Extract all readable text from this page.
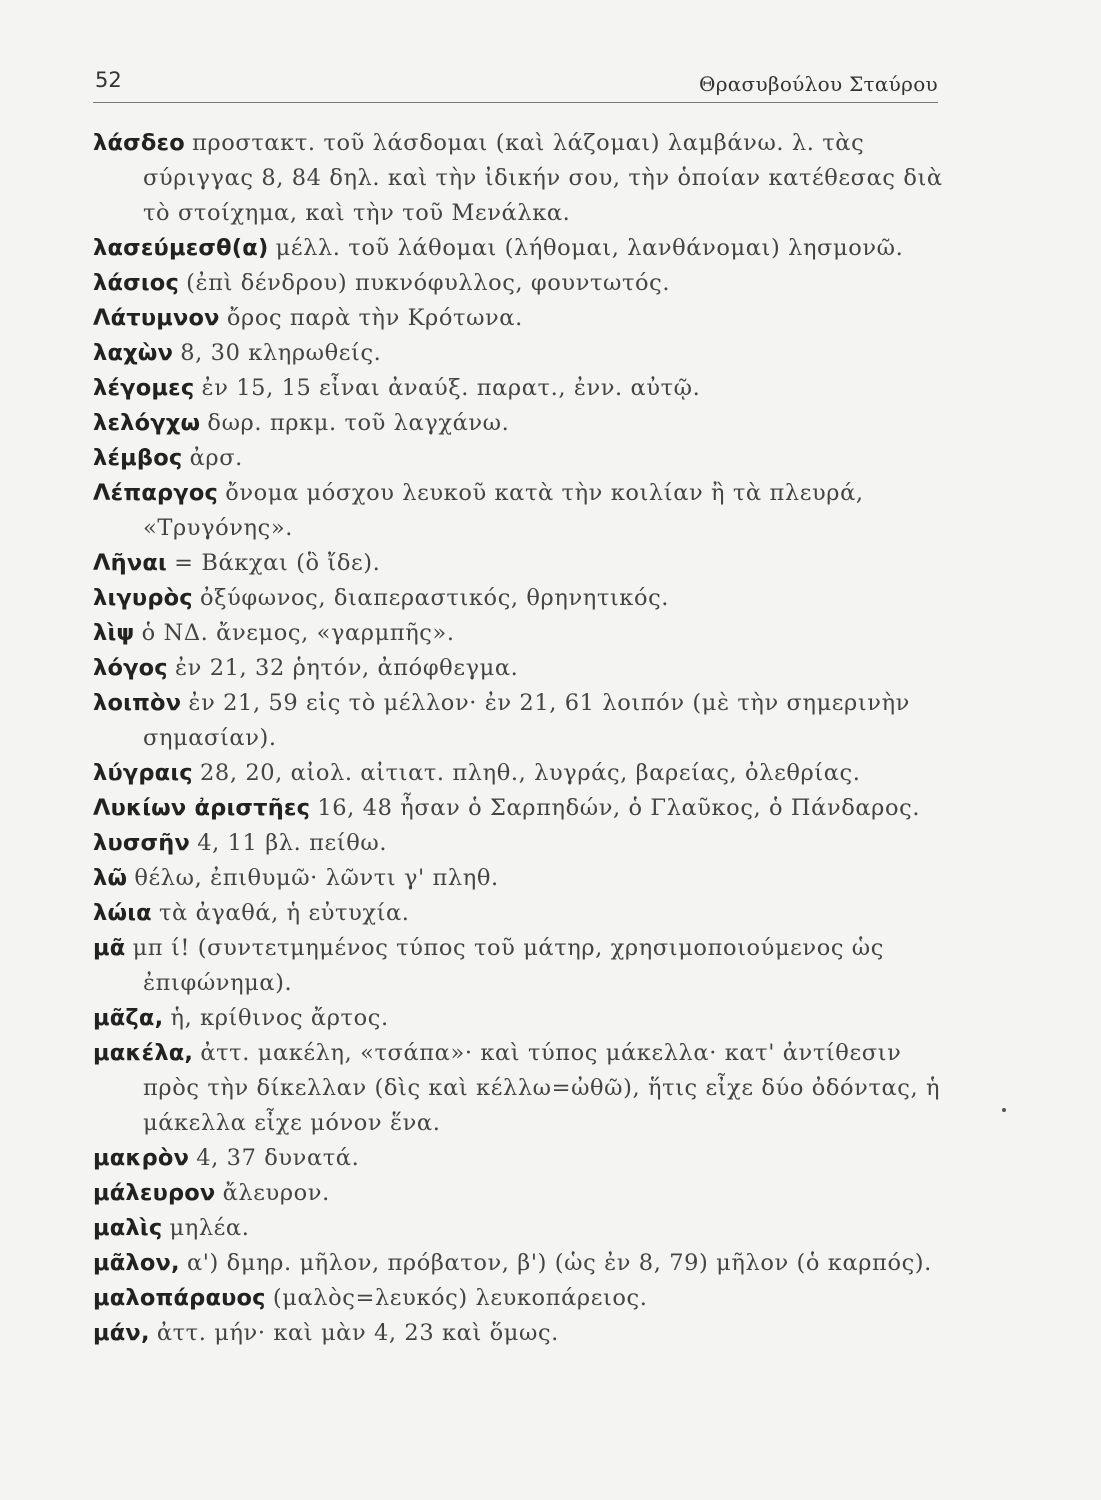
52	Θρασυβούλου Σταύρου

λάσδεο προστακτ. τοῦ λάσδομαι (καὶ λάζομαι) λαμβάνω. λ. τὰς σύριγγας 8, 84 δηλ. καὶ τὴν ἰδικήν σου, τὴν ὁποίαν κατέθεσας διὰ τὸ στοίχημα, καὶ τὴν τοῦ Μενάλκα.

λασεύμεσθ(α) μέλλ. τοῦ λάθομαι (λήθομαι, λανθάνομαι) λησμονῶ.

λάσιος (ἐπὶ δένδρου) πυκνόφυλλος, φουντωτός.

Λάτυμνον ὄρος παρὰ τὴν Κρότωνα.

λαχὼν 8, 30 κληρωθείς.

λέγομες ἐν 15, 15 εἶναι ἀναύξ. παρατ., ἐνν. αὐτῷ.

λελόγχω δωρ. πρκμ. τοῦ λαγχάνω.

λέμβος ἀρσ.

Λέπαργος ὄνομα μόσχου λευκοῦ κατὰ τὴν κοιλίαν ἢ τὰ πλευρά, «Τρυγόνης».

Λῆναι = Βάκχαι (ὃ ἴδε).

λιγυρὸς ὀξύφωνος, διαπεραστικός, θρηνητικός.

λὶψ ὁ ΝΔ. ἄνεμος, «γαρμπῆς».

λόγος ἐν 21, 32 ῥητόν, ἀπόφθεγμα.

λοιπὸν ἐν 21, 59 εἰς τὸ μέλλον· ἐν 21, 61 λοιπόν (μὲ τὴν σημερινὴν σημασίαν).

λύγραις 28, 20, αἰολ. αἰτιατ. πληθ., λυγράς, βαρείας, ὀλεθρίας.

Λυκίων ἀριστῆες 16, 48 ἦσαν ὁ Σαρπηδών, ὁ Γλαῦκος, ὁ Πάνδαρος.

λυσσῆν 4, 11 βλ. πείθω.

λῶ θέλω, ἐπιθυμῶ· λῶντι γ' πληθ.

λώια τὰ ἀγαθά, ἡ εὐτυχία.

μᾶ μπ ί! (συντετμημένος τύπος τοῦ μάτηρ, χρησιμοποιούμενος ὡς ἐπιφώνημα).

μᾶζα, ἡ, κρίθινος ἄρτος.

μακέλα, ἀττ. μακέλη, «τσάπα»· καὶ τύπος μάκελλα· κατ' ἀντίθεσιν πρὸς τὴν δίκελλαν (δὶς καὶ κέλλω=ὠθῶ), ἥτις εἶχε δύο ὀδόντας, ἡ μάκελλα εἶχε μόνον ἕνα.

μακρὸν 4, 37 δυνατά.

μάλευρον ἄλευρον.

μαλὶς μηλέα.

μᾶλον, α') δμηρ. μῆλον, πρόβατον, β') (ὡς ἐν 8, 79) μῆλον (ὁ καρπός).

μαλοπάραυος (μαλὸς=λευκός) λευκοπάρειος.

μάν, ἀττ. μήν· καὶ μὰν 4, 23 καὶ ὅμως.
